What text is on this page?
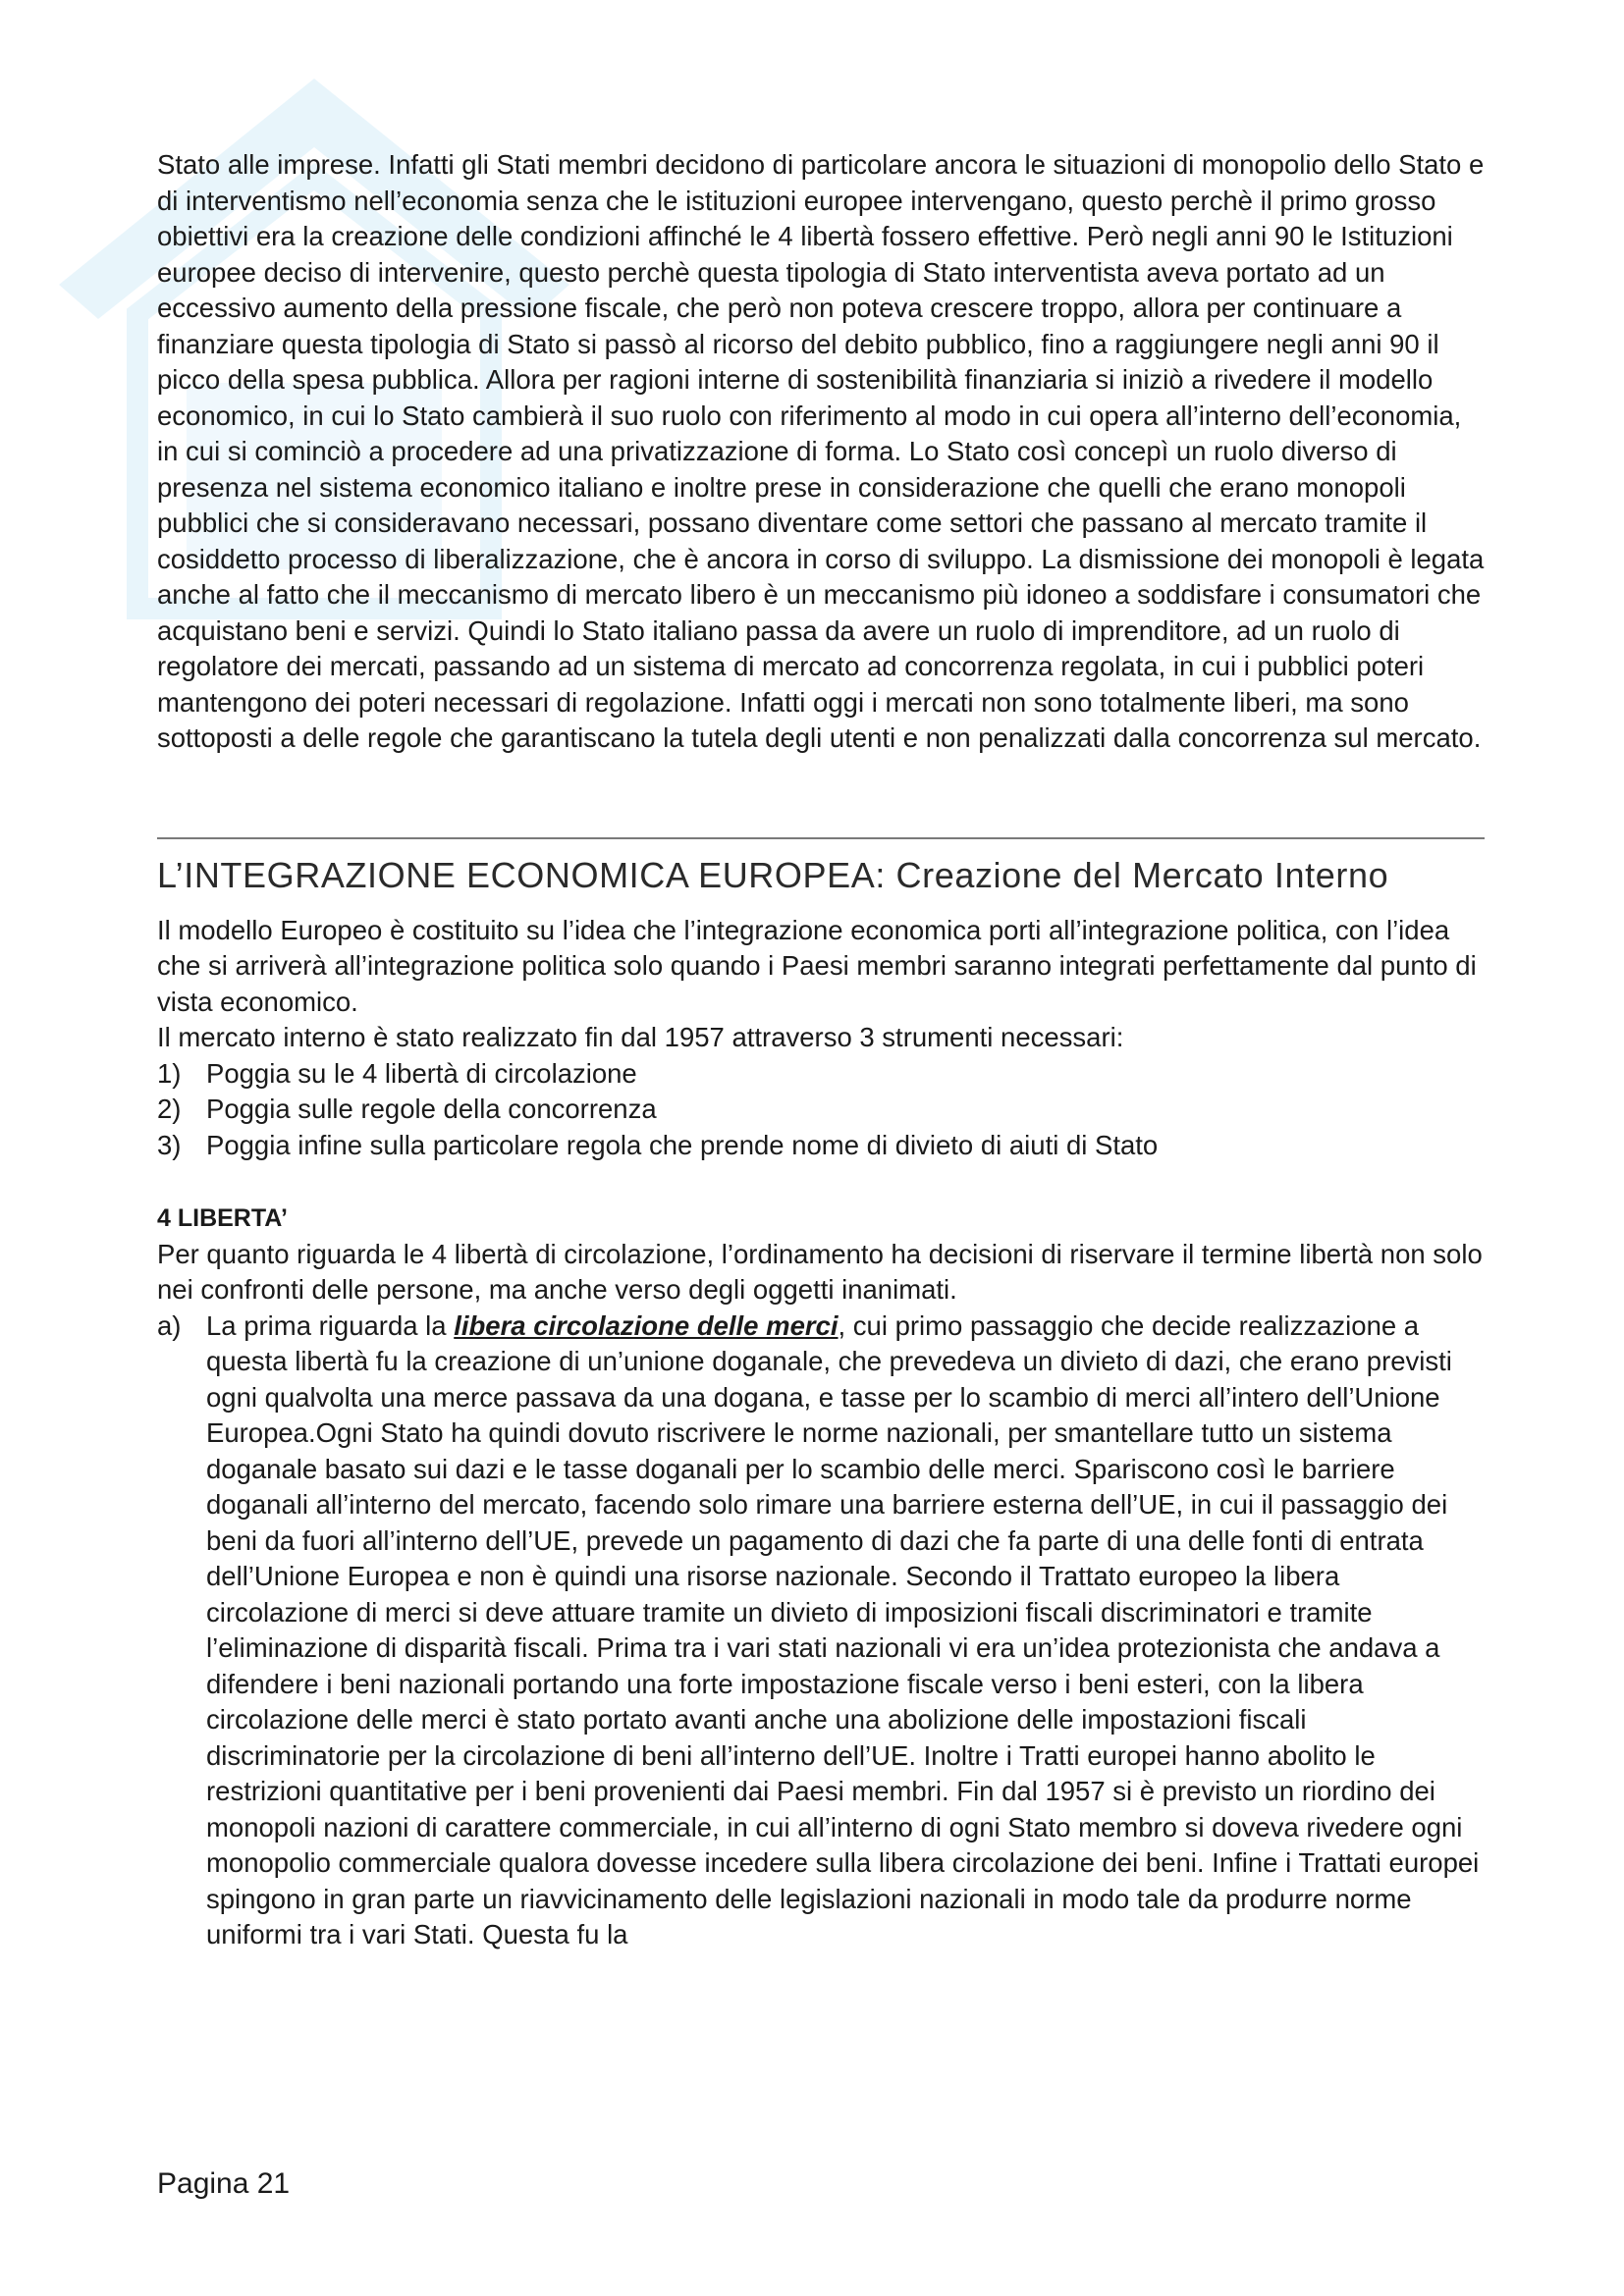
Stato alle imprese. Infatti gli Stati membri decidono di particolare ancora le situazioni di monopolio dello Stato e di interventismo nell’economia senza che le istituzioni europee intervengano, questo perchè il primo grosso obiettivi era la creazione delle condizioni affinché le 4 libertà fossero effettive. Però negli anni 90 le Istituzioni europee deciso di intervenire, questo perchè questa tipologia di Stato interventista aveva portato ad un eccessivo aumento della pressione fiscale, che però non poteva crescere troppo, allora per continuare a finanziare questa tipologia di Stato si passò al ricorso del debito pubblico, fino a raggiungere negli anni 90 il picco della spesa pubblica. Allora per ragioni interne di sostenibilità finanziaria si iniziò a rivedere il modello economico, in cui lo Stato cambierà il suo ruolo con riferimento al modo in cui opera all’interno dell’economia, in cui si cominciò a procedere ad una privatizzazione di forma. Lo Stato così concepì un ruolo diverso di presenza nel sistema economico italiano e inoltre prese in considerazione che quelli che erano monopoli pubblici che si consideravano necessari, possano diventare come settori che passano al mercato tramite il cosiddetto processo di liberalizzazione, che è ancora in corso di sviluppo. La dismissione dei monopoli è legata anche al fatto che il meccanismo di mercato libero è un meccanismo più idoneo a soddisfare i consumatori che acquistano beni e servizi. Quindi lo Stato italiano passa da avere un ruolo di imprenditore, ad un ruolo di regolatore dei mercati, passando ad un sistema di mercato ad concorrenza regolata, in cui i pubblici poteri mantengono dei poteri necessari di regolazione. Infatti oggi i mercati non sono totalmente liberi, ma sono sottoposti a delle regole che garantiscano la tutela degli utenti e non penalizzati dalla concorrenza sul mercato.

L’INTEGRAZIONE ECONOMICA EUROPEA: Creazione del Mercato Interno

Il modello Europeo è costituito su l’idea che l’integrazione economica porti all’integrazione politica, con l’idea che si arriverà all’integrazione politica solo quando i Paesi membri saranno integrati perfettamente dal punto di vista economico.

Il mercato interno è stato realizzato fin dal 1957 attraverso 3 strumenti necessari:

1) Poggia su le 4 libertà di circolazione
2) Poggia sulle regole della concorrenza
3) Poggia infine sulla particolare regola che prende nome di divieto di aiuti di Stato

4 LIBERTA’

Per quanto riguarda le 4 libertà di circolazione, l’ordinamento ha decisioni di riservare il termine libertà non solo nei confronti delle persone, ma anche verso degli oggetti inanimati.

a) La prima riguarda la libera circolazione delle merci, cui primo passaggio che decide realizzazione a questa libertà fu la creazione di un’unione doganale, che prevedeva un divieto di dazi, che erano previsti ogni qualvolta una merce passava da una dogana, e tasse per lo scambio di merci all’intero dell’Unione Europea.Ogni Stato ha quindi dovuto riscrivere le norme nazionali, per smantellare tutto un sistema doganale basato sui dazi e le tasse doganali per lo scambio delle merci. Spariscono così le barriere doganali all’interno del mercato, facendo solo rimare una barriere esterna dell’UE, in cui il passaggio dei beni da fuori all’interno dell’UE, prevede un pagamento di dazi che fa parte di una delle fonti di entrata dell’Unione Europea e non è quindi una risorse nazionale. Secondo il Trattato europeo la libera circolazione di merci si deve attuare tramite un divieto di imposizioni fiscali discriminatori e tramite l’eliminazione di disparità fiscali. Prima tra i vari stati nazionali vi era un’idea protezionista che andava a difendere i beni nazionali portando una forte impostazione fiscale verso i beni esteri, con la libera circolazione delle merci è stato portato avanti anche una abolizione delle impostazioni fiscali discriminatorie per la circolazione di beni all’interno dell’UE. Inoltre i Tratti europei hanno abolito le restrizioni quantitative per i beni provenienti dai Paesi membri. Fin dal 1957 si è previsto un riordino dei monopoli nazioni di carattere commerciale, in cui all’interno di ogni Stato membro si doveva rivedere ogni monopolio commerciale qualora dovesse incedere sulla libera circolazione dei beni. Infine i Trattati europei spingono in gran parte un riavvicinamento delle legislazioni nazionali in modo tale da produrre norme uniformi tra i vari Stati. Questa fu la
Pagina 21
